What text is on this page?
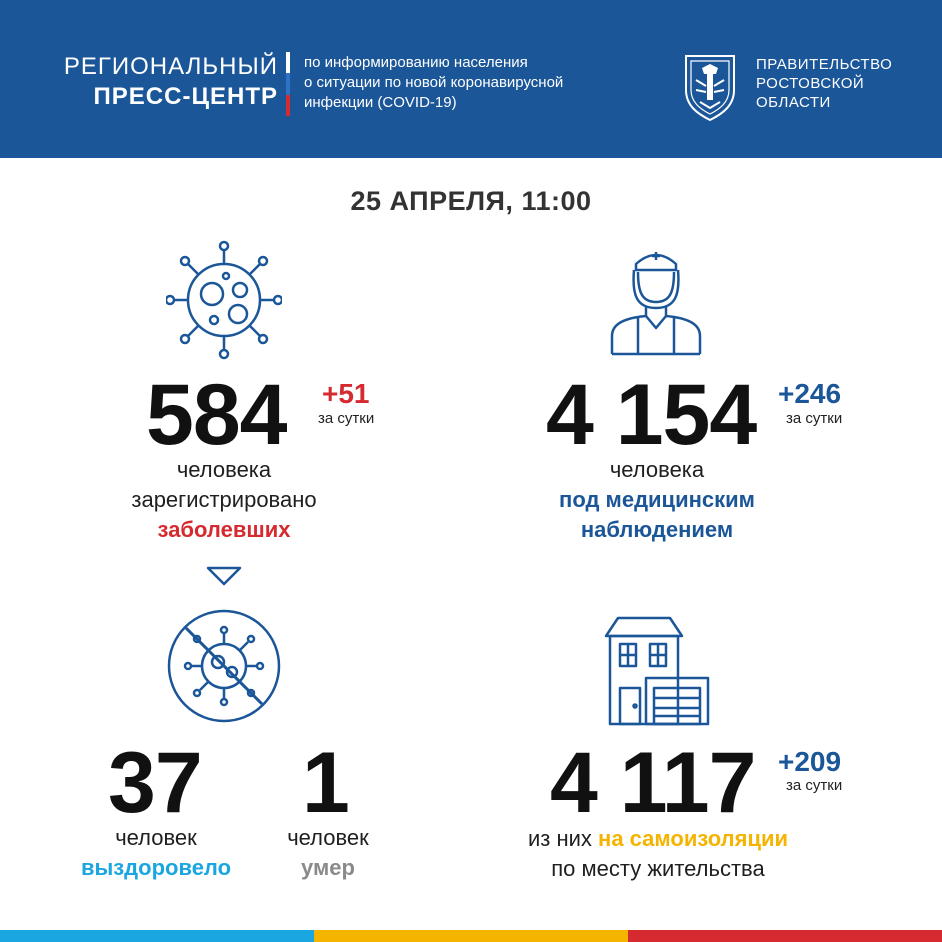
РЕГИОНАЛЬНЫЙ
ПРЕСС-ЦЕНТР
по информированию населения
о ситуации по новой коронавирусной
инфекции (COVID-19)
ПРАВИТЕЛЬСТВО
РОСТОВСКОЙ
ОБЛАСТИ
25 АПРЕЛЯ, 11:00
584 +51
за сутки
человека
зарегистрировано
заболевших
37
человек
выздоровело
1
человек
умер
4 154 +246
за сутки
человека
под медицинским
наблюдением
4 117 +209
за сутки
из них на самоизоляции
по месту жительства
